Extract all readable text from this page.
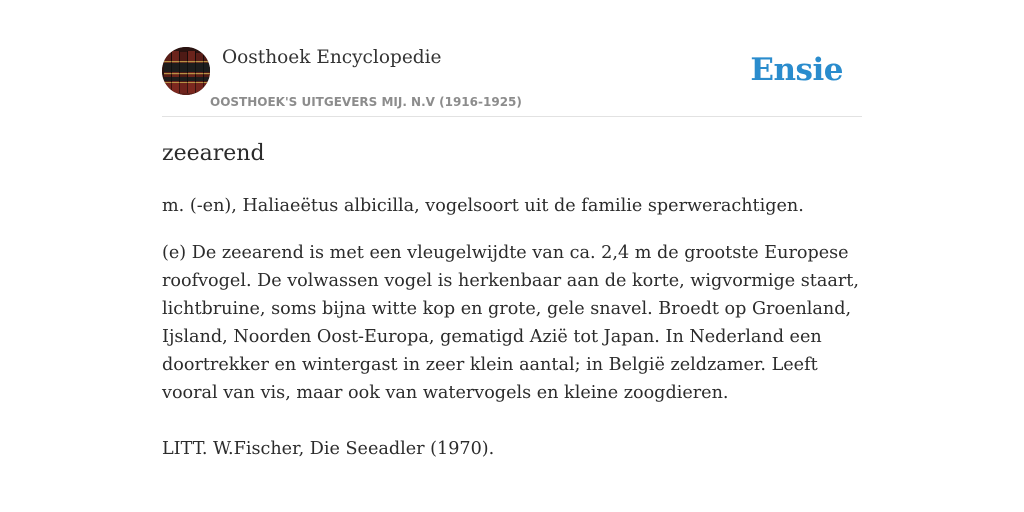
Oosthoek Encyclopedie
OOSTHOEK'S UITGEVERS MIJ. N.V (1916-1925)
Ensie
zeearend

m. (-en), Haliaeëtus albicilla, vogelsoort uit de familie sperwerachtigen.

(e) De zeearend is met een vleugelwijdte van ca. 2,4 m de grootste Europese roofvogel. De volwassen vogel is herkenbaar aan de korte, wigvormige staart, lichtbruine, soms bijna witte kop en grote, gele snavel. Broedt op Groenland, Ijsland, Noorden Oost-Europa, gematigd Azië tot Japan. In Nederland een doortrekker en wintergast in zeer klein aantal; in België zeldzamer. Leeft vooral van vis, maar ook van watervogels en kleine zoogdieren.

LITT. W.Fischer, Die Seeadler (1970).
